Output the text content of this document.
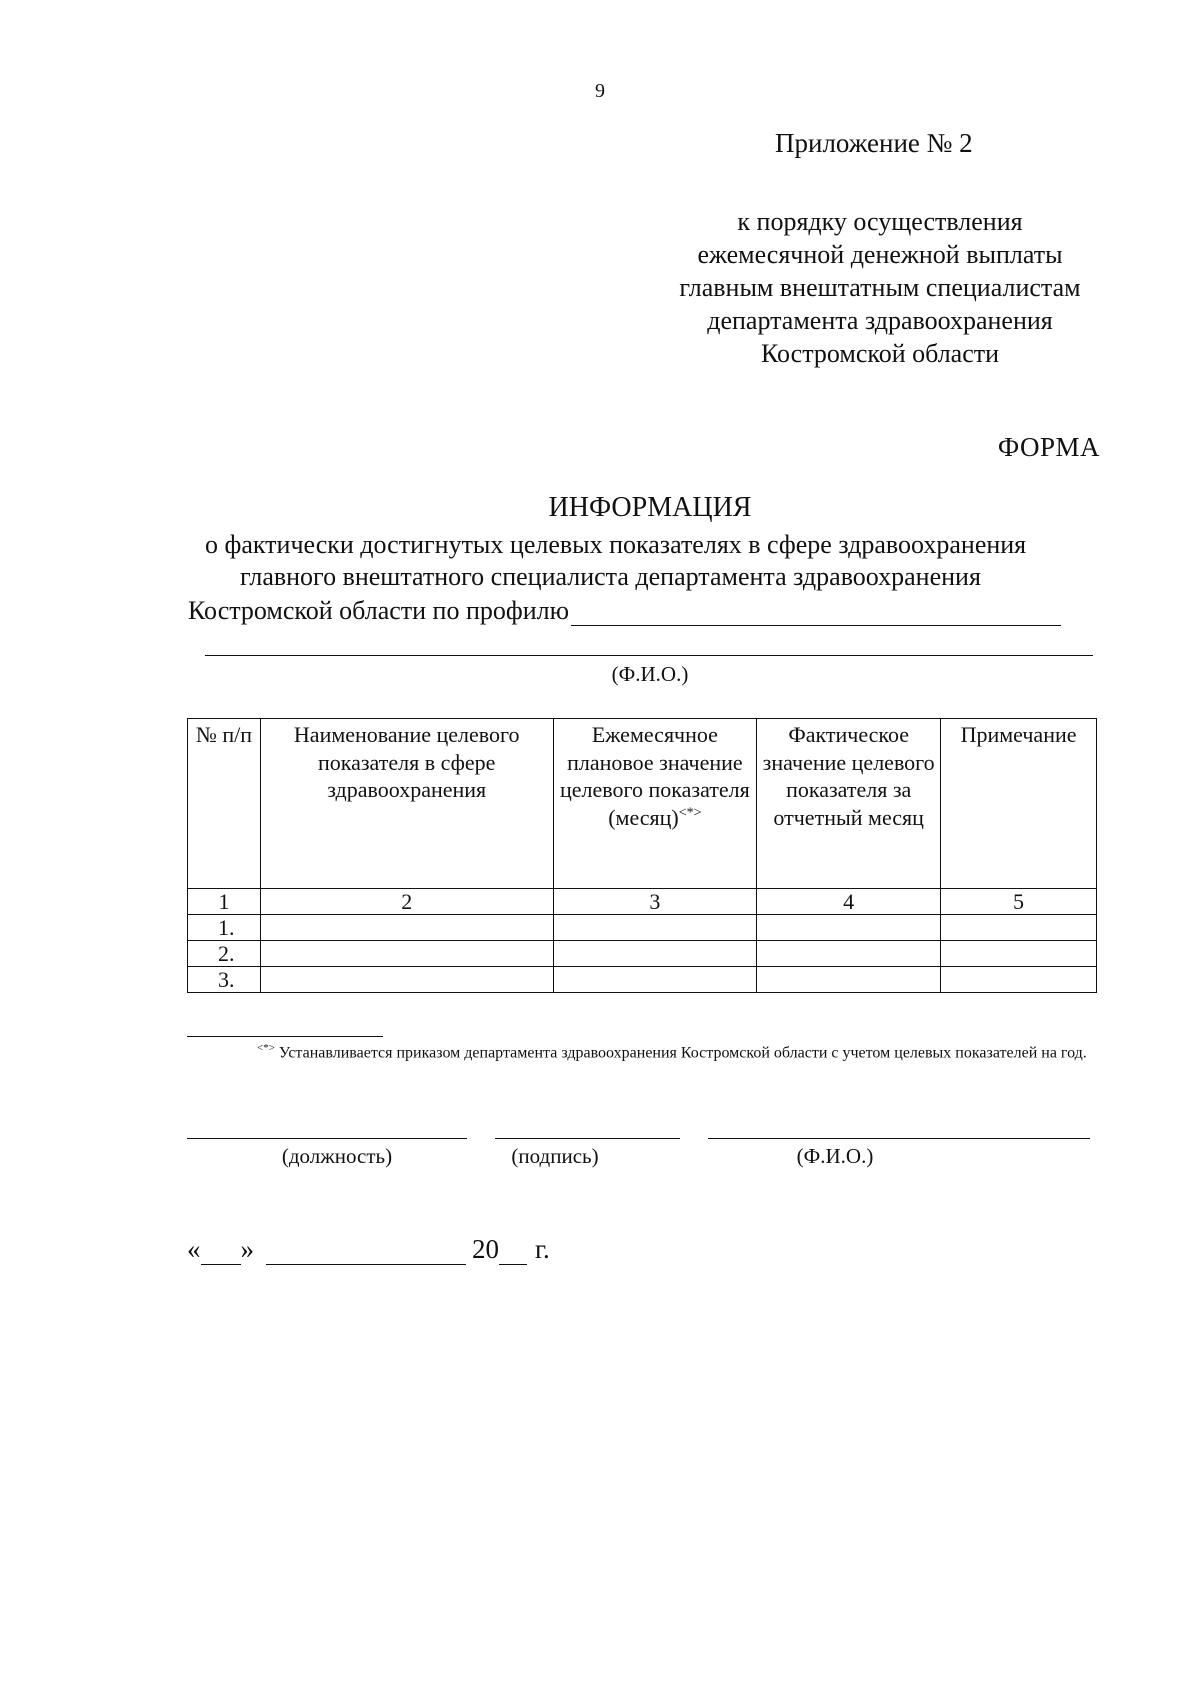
9
Приложение № 2
к порядку осуществления
ежемесячной денежной выплаты
главным внештатным специалистам
департамента здравоохранения
Костромской области
ФОРМА
ИНФОРМАЦИЯ
о фактически достигнутых целевых показателях в сфере здравоохранения
главного внештатного специалиста департамента здравоохранения
Костромской области по профилю
(Ф.И.О.)
№ п/п	Наименование целевого показателя в сфере здравоохранения	Ежемесячное плановое значение целевого показателя (месяц)<*>	Фактическое значение целевого показателя за отчетный месяц	Примечание
1	2	3	4	5
1.				
2.				
3.				
<*> Устанавливается приказом департамента здравоохранения Костромской области с учетом целевых показателей на год.
(должность)	(подпись)	(Ф.И.О.)
« »	20 г.
